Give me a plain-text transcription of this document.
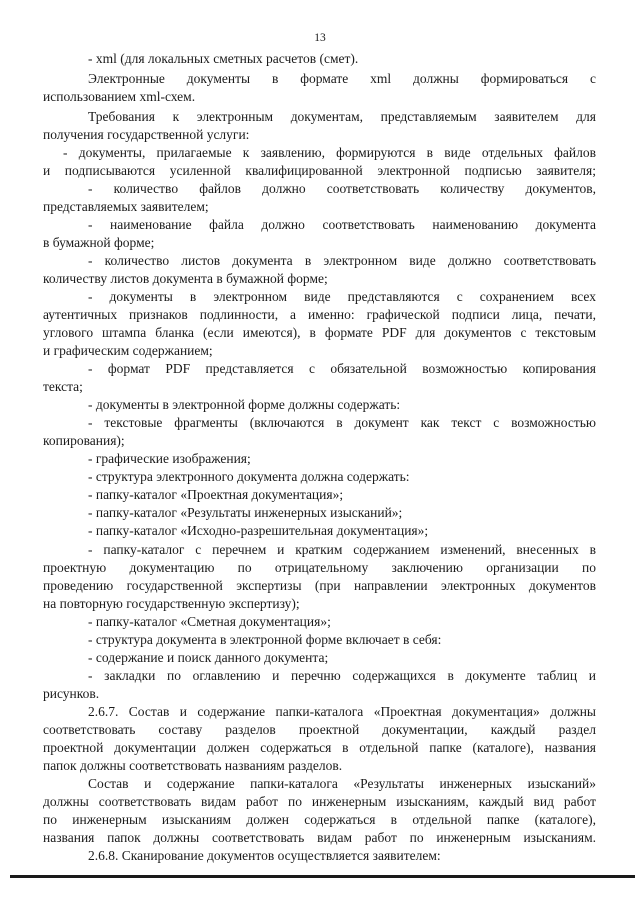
13
- xml (для локальных сметных расчетов (смет).
Электронные документы в формате xml должны формироваться с
использованием xml-схем.
Требования к электронным документам, представляемым заявителем для
получения государственной услуги:
- документы, прилагаемые к заявлению, формируются в виде отдельных файлов
и подписываются усиленной квалифицированной электронной подписью заявителя;
- количество файлов должно соответствовать количеству документов,
представляемых заявителем;
- наименование файла должно соответствовать наименованию документа
в бумажной форме;
- количество листов документа в электронном виде должно соответствовать
количеству листов документа в бумажной форме;
- документы в электронном виде представляются с сохранением всех
аутентичных признаков подлинности, а именно: графической подписи лица, печати,
углового штампа бланка (если имеются), в формате PDF для документов с текстовым
и графическим содержанием;
- формат PDF представляется с обязательной возможностью копирования
текста;
- документы в электронной форме должны содержать:
- текстовые фрагменты (включаются в документ как текст с возможностью
копирования);
- графические изображения;
- структура электронного документа должна содержать:
- папку-каталог «Проектная документация»;
- папку-каталог «Результаты инженерных изысканий»;
- папку-каталог «Исходно-разрешительная документация»;
- папку-каталог с перечнем и кратким содержанием изменений, внесенных в
проектную документацию по отрицательному заключению организации по
проведению государственной экспертизы (при направлении электронных документов
на повторную государственную экспертизу);
- папку-каталог «Сметная документация»;
- структура документа в электронной форме включает в себя:
- содержание и поиск данного документа;
- закладки по оглавлению и перечню содержащихся в документе таблиц и
рисунков.
2.6.7. Состав и содержание папки-каталога «Проектная документация» должны
соответствовать составу разделов проектной документации, каждый раздел
проектной документации должен содержаться в отдельной папке (каталоге), названия
папок должны соответствовать названиям разделов.
Состав и содержание папки-каталога «Результаты инженерных изысканий»
должны соответствовать видам работ по инженерным изысканиям, каждый вид работ
по инженерным изысканиям должен содержаться в отдельной папке (каталоге),
названия папок должны соответствовать видам работ по инженерным изысканиям.
2.6.8. Сканирование документов осуществляется заявителем:
